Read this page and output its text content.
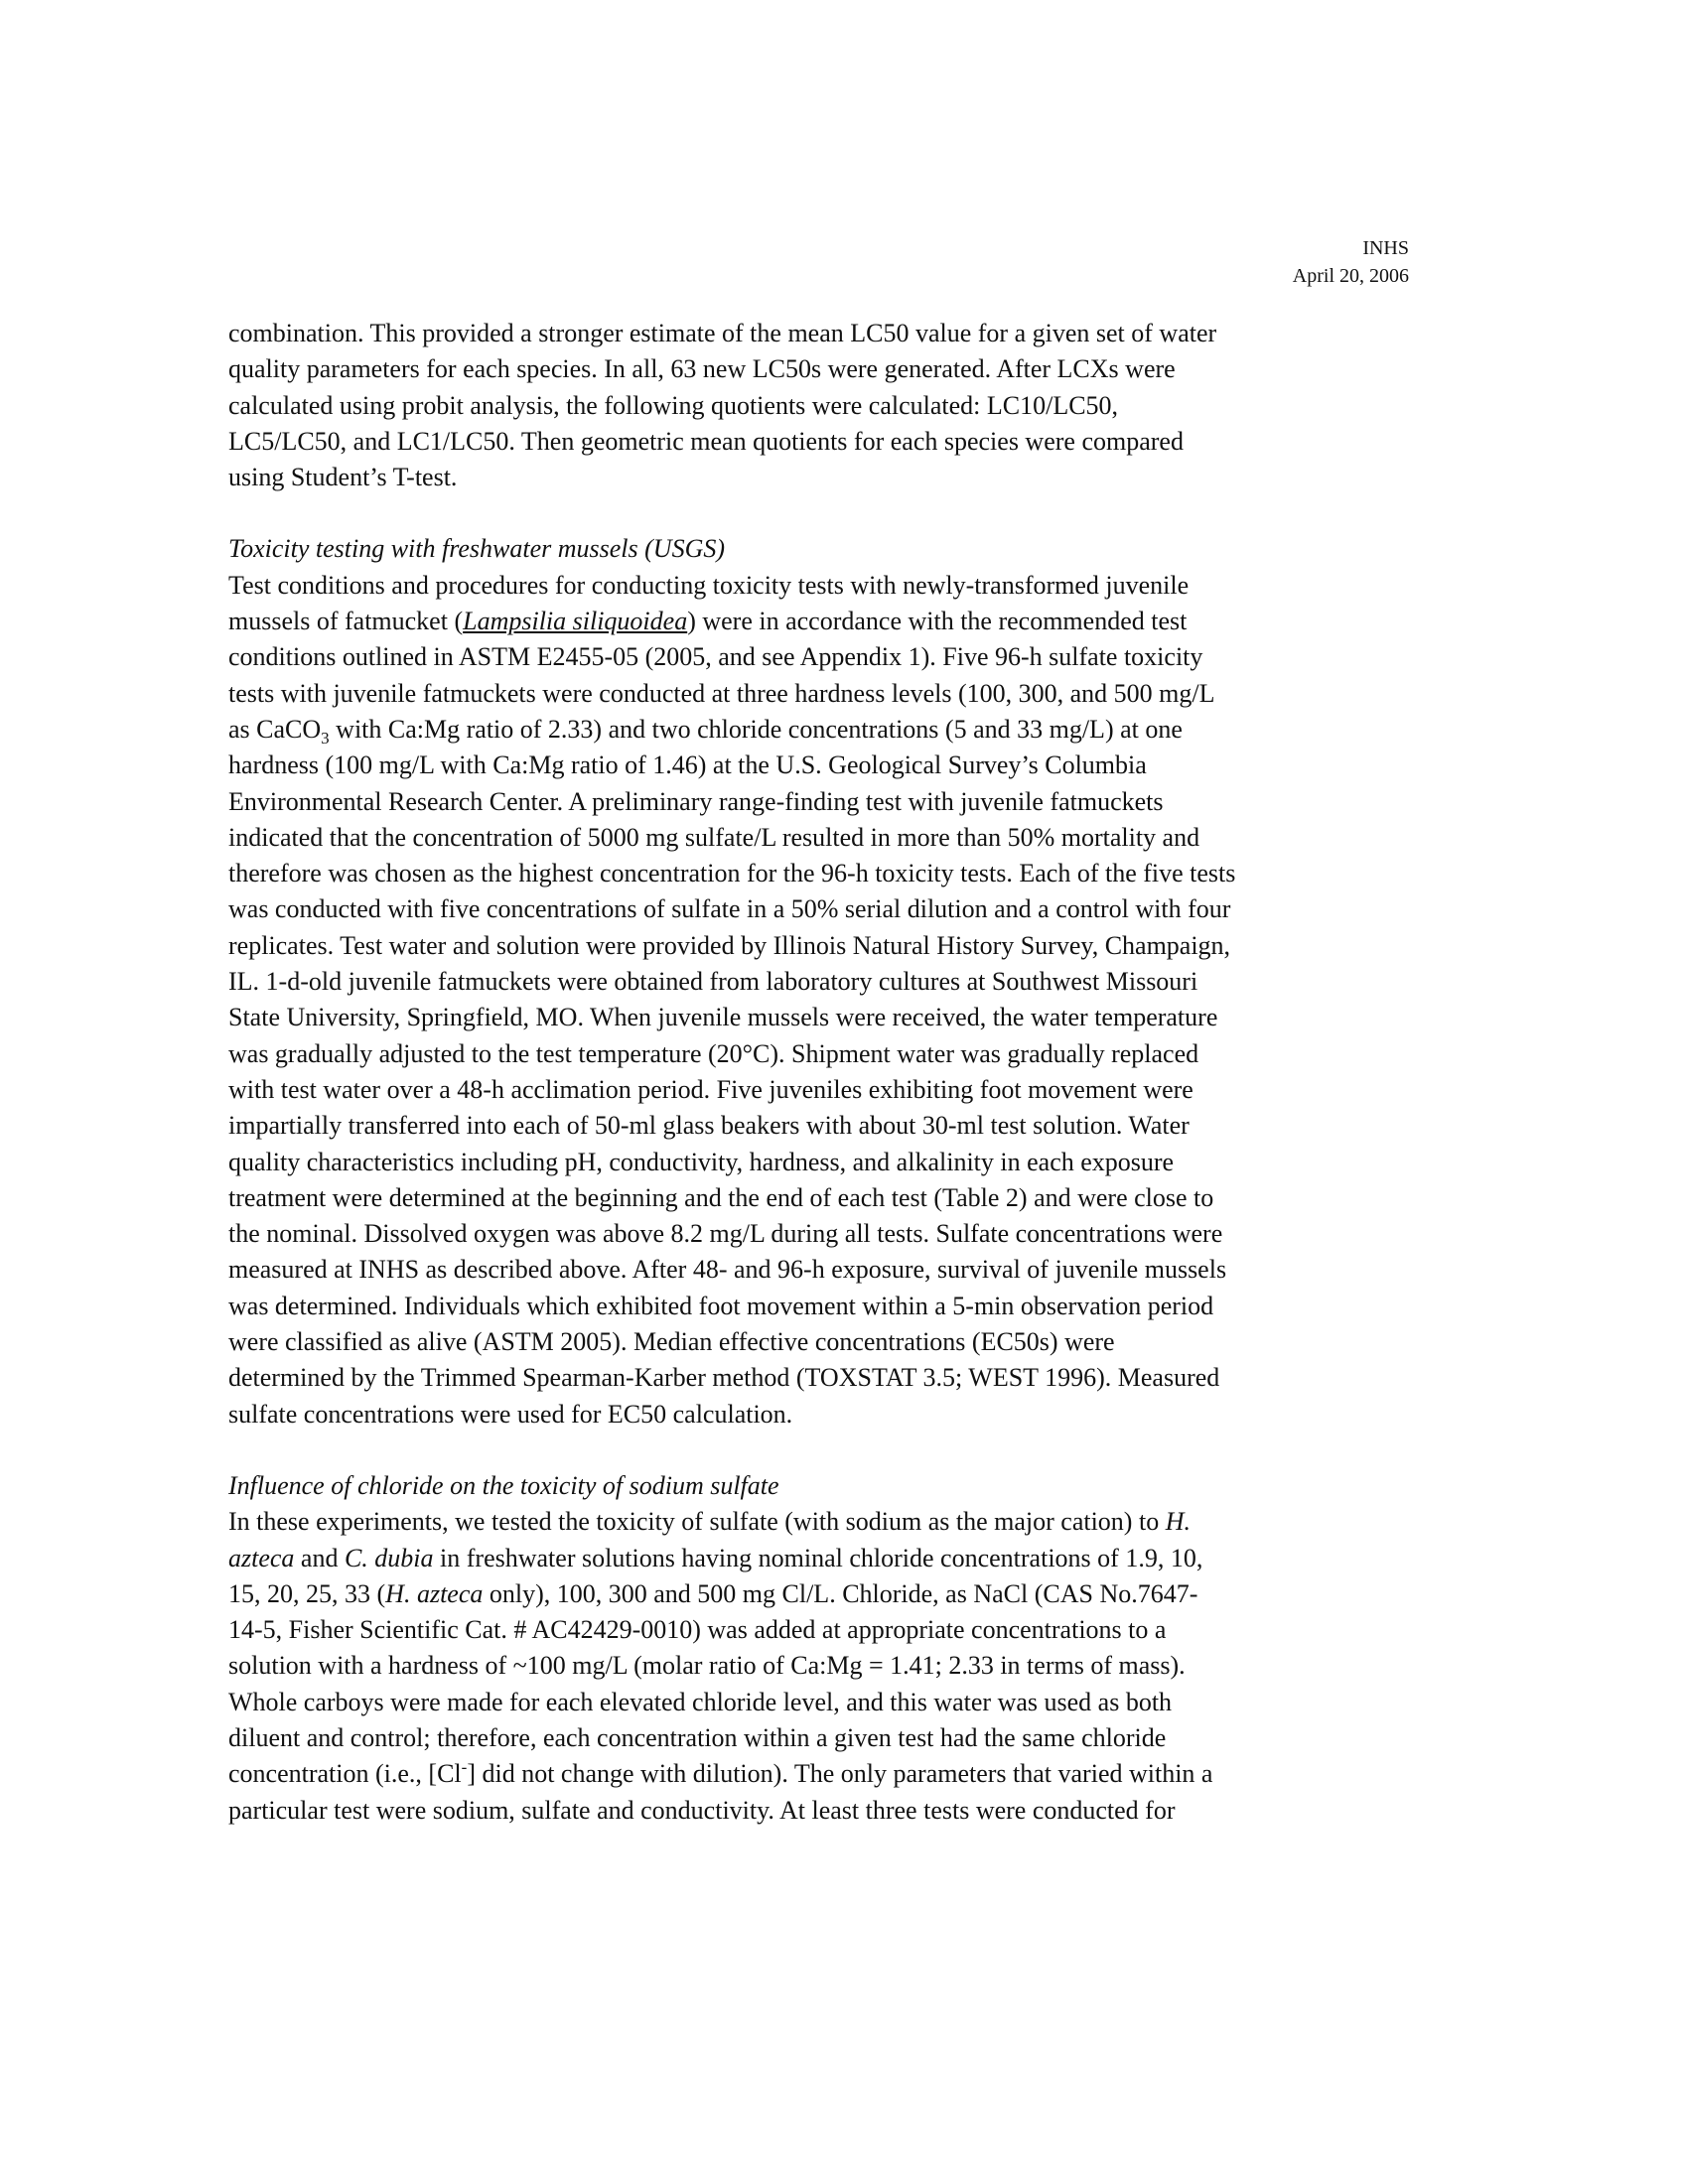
INHS
April 20, 2006

combination. This provided a stronger estimate of the mean LC50 value for a given set of water
quality parameters for each species. In all, 63 new LC50s were generated. After LCXs were
calculated using probit analysis, the following quotients were calculated: LC10/LC50,
LC5/LC50, and LC1/LC50. Then geometric mean quotients for each species were compared
using Student’s T-test.

Toxicity testing with freshwater mussels (USGS)
Test conditions and procedures for conducting toxicity tests with newly-transformed juvenile
mussels of fatmucket (Lampsilia siliquoidea) were in accordance with the recommended test
conditions outlined in ASTM E2455-05 (2005, and see Appendix 1). Five 96-h sulfate toxicity
tests with juvenile fatmuckets were conducted at three hardness levels (100, 300, and 500 mg/L
as CaCO$_3$ with Ca:Mg ratio of 2.33) and two chloride concentrations (5 and 33 mg/L) at one
hardness (100 mg/L with Ca:Mg ratio of 1.46) at the U.S. Geological Survey’s Columbia
Environmental Research Center. A preliminary range-finding test with juvenile fatmuckets
indicated that the concentration of 5000 mg sulfate/L resulted in more than 50% mortality and
therefore was chosen as the highest concentration for the 96-h toxicity tests. Each of the five tests
was conducted with five concentrations of sulfate in a 50% serial dilution and a control with four
replicates. Test water and solution were provided by Illinois Natural History Survey, Champaign,
IL. 1-d-old juvenile fatmuckets were obtained from laboratory cultures at Southwest Missouri
State University, Springfield, MO. When juvenile mussels were received, the water temperature
was gradually adjusted to the test temperature (20°C). Shipment water was gradually replaced
with test water over a 48-h acclimation period. Five juveniles exhibiting foot movement were
impartially transferred into each of 50-ml glass beakers with about 30-ml test solution. Water
quality characteristics including pH, conductivity, hardness, and alkalinity in each exposure
treatment were determined at the beginning and the end of each test (Table 2) and were close to
the nominal. Dissolved oxygen was above 8.2 mg/L during all tests. Sulfate concentrations were
measured at INHS as described above. After 48- and 96-h exposure, survival of juvenile mussels
was determined. Individuals which exhibited foot movement within a 5-min observation period
were classified as alive (ASTM 2005). Median effective concentrations (EC50s) were
determined by the Trimmed Spearman-Karber method (TOXSTAT 3.5; WEST 1996). Measured
sulfate concentrations were used for EC50 calculation.

Influence of chloride on the toxicity of sodium sulfate
In these experiments, we tested the toxicity of sulfate (with sodium as the major cation) to H.
azteca and C. dubia in freshwater solutions having nominal chloride concentrations of 1.9, 10,
15, 20, 25, 33 (H. azteca only), 100, 300 and 500 mg Cl/L. Chloride, as NaCl (CAS No.7647-
14-5, Fisher Scientific Cat. # AC42429-0010) was added at appropriate concentrations to a
solution with a hardness of ~100 mg/L (molar ratio of Ca:Mg = 1.41; 2.33 in terms of mass).
Whole carboys were made for each elevated chloride level, and this water was used as both
diluent and control; therefore, each concentration within a given test had the same chloride
concentration (i.e., [Cl-] did not change with dilution). The only parameters that varied within a
particular test were sodium, sulfate and conductivity. At least three tests were conducted for
